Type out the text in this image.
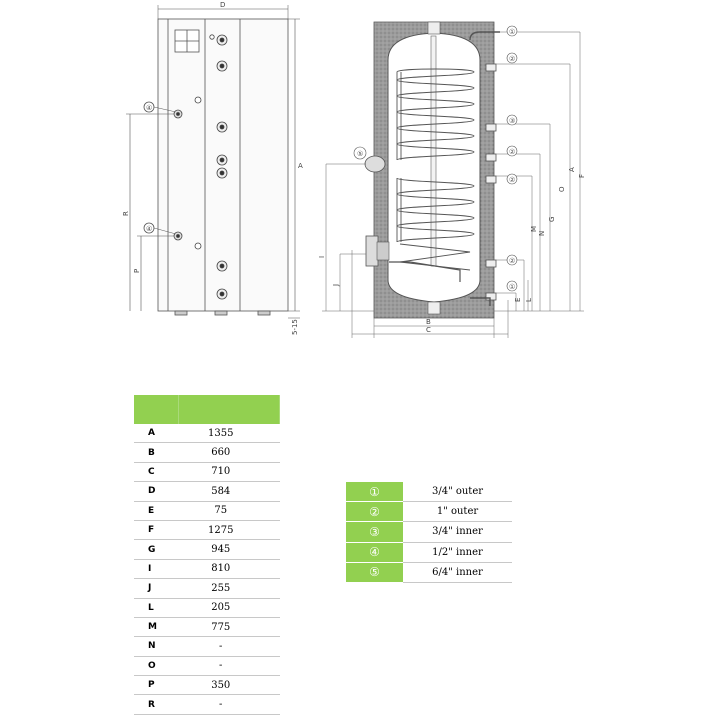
D
A
5-15
R
P
④
④
①
②
③
②
②
②
①
⑤
F
A
O
G
N
M
E L
I
J
B
C

A	1355
B	660
C	710
D	584
E	75
F	1275
G	945
I	810
J	255
L	205
M	775
N	-
O	-
P	350
R	-
①	3/4" outer
②	1" outer
③	3/4" inner
④	1/2" inner
⑤	6/4" inner
